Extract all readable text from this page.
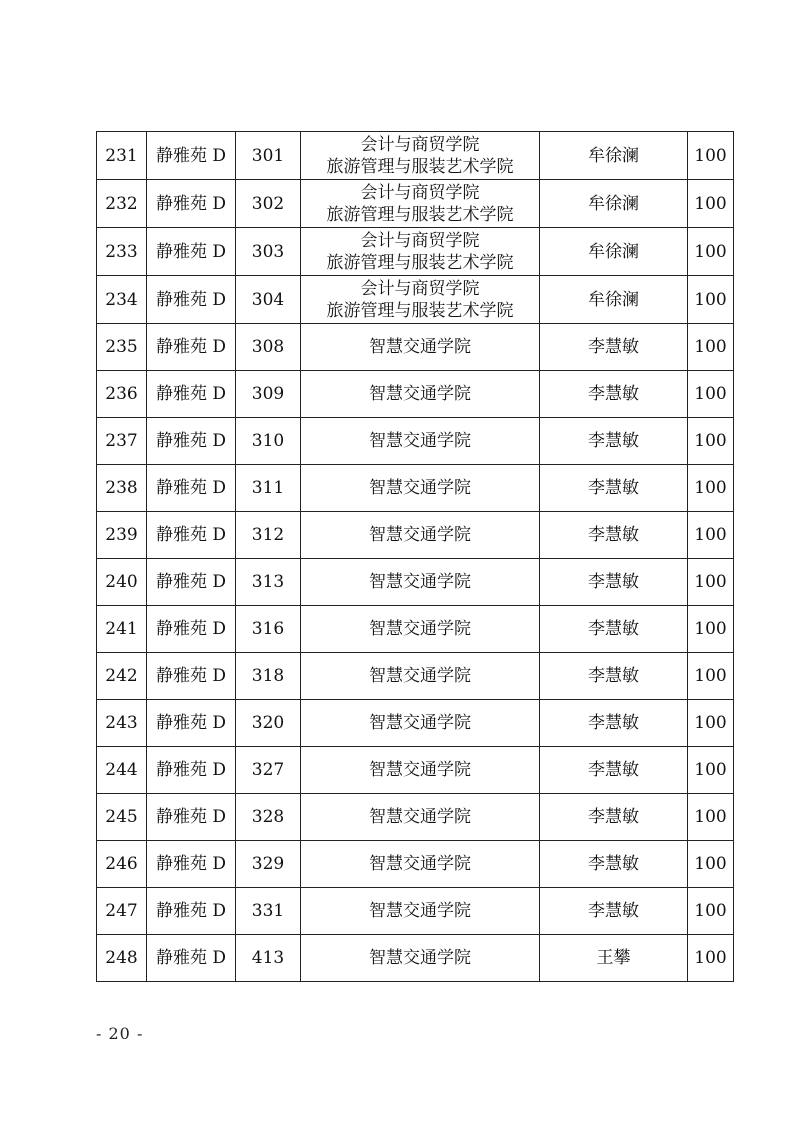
231	静雅苑 D	301	会计与商贸学院
旅游管理与服装艺术学院	牟徐澜	100
232	静雅苑 D	302	会计与商贸学院
旅游管理与服装艺术学院	牟徐澜	100
233	静雅苑 D	303	会计与商贸学院
旅游管理与服装艺术学院	牟徐澜	100
234	静雅苑 D	304	会计与商贸学院
旅游管理与服装艺术学院	牟徐澜	100
235	静雅苑 D	308	智慧交通学院	李慧敏	100
236	静雅苑 D	309	智慧交通学院	李慧敏	100
237	静雅苑 D	310	智慧交通学院	李慧敏	100
238	静雅苑 D	311	智慧交通学院	李慧敏	100
239	静雅苑 D	312	智慧交通学院	李慧敏	100
240	静雅苑 D	313	智慧交通学院	李慧敏	100
241	静雅苑 D	316	智慧交通学院	李慧敏	100
242	静雅苑 D	318	智慧交通学院	李慧敏	100
243	静雅苑 D	320	智慧交通学院	李慧敏	100
244	静雅苑 D	327	智慧交通学院	李慧敏	100
245	静雅苑 D	328	智慧交通学院	李慧敏	100
246	静雅苑 D	329	智慧交通学院	李慧敏	100
247	静雅苑 D	331	智慧交通学院	李慧敏	100
248	静雅苑 D	413	智慧交通学院	王攀	100
- 20 -
